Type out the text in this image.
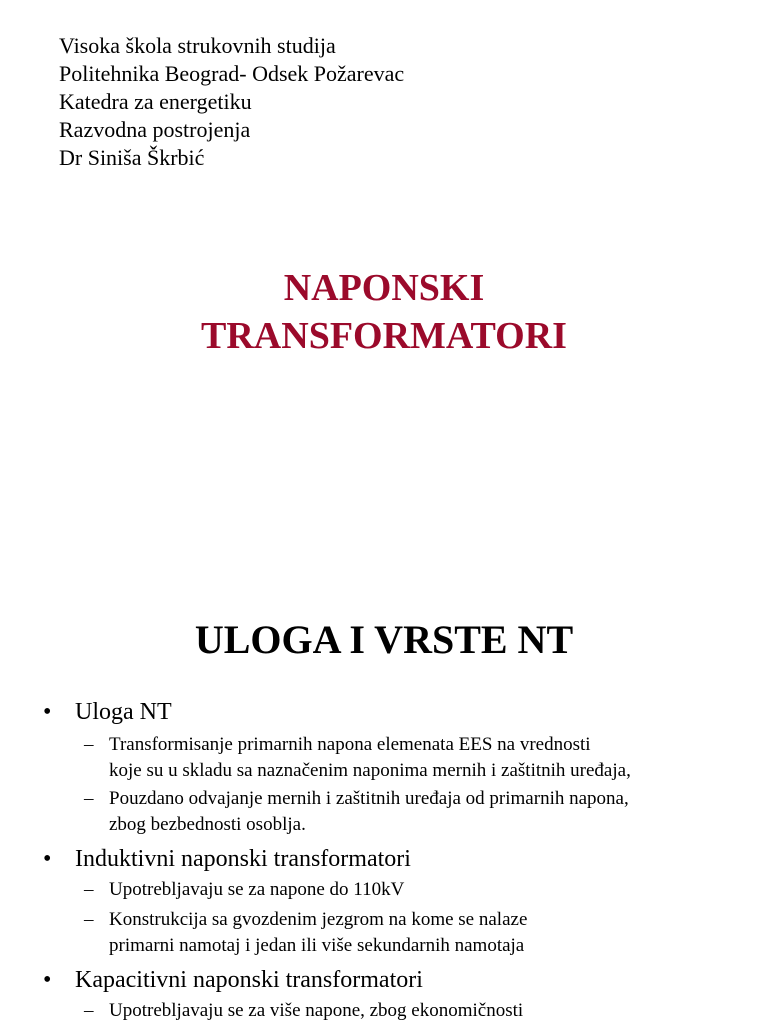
Visoka škola strukovnih studija
Politehnika Beograd- Odsek Požarevac
Katedra za energetiku
Razvodna postrojenja
Dr Siniša Škrbić
NAPONSKI
TRANSFORMATORI
ULOGA I VRSTE NT
• Uloga NT
– Transformisanje primarnih napona elemenata EES na vrednosti
koje su u skladu sa naznačenim naponima mernih i zaštitnih uređaja,
– Pouzdano odvajanje mernih i zaštitnih uređaja od primarnih napona,
zbog bezbednosti osoblja.
• Induktivni naponski transformatori
– Upotrebljavaju se za napone do 110kV
– Konstrukcija sa gvozdenim jezgrom na kome se nalaze
primarni namotaj i jedan ili više sekundarnih namotaja
• Kapacitivni naponski transformatori
– Upotrebljavaju se za više napone, zbog ekonomičnosti
